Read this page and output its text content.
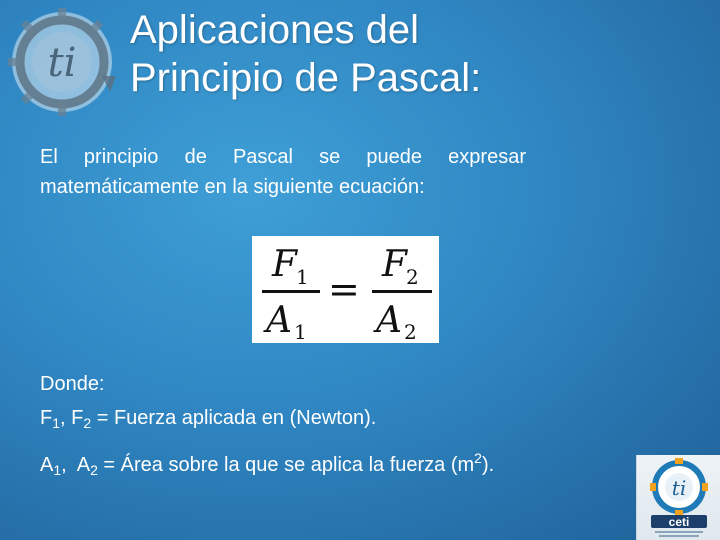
ti
Aplicaciones del
Principio de Pascal:
El principio de Pascal se puede expresar matemáticamente en la siguiente ecuación:
F 1
A 1
=
F 2
A 2
Donde:
$F_1$, $F_2$ = Fuerza aplicada en (Newton).
$A_1$,  $A_2$ = Área sobre la que se aplica la fuerza $(m^2)$.
ti
ceti
